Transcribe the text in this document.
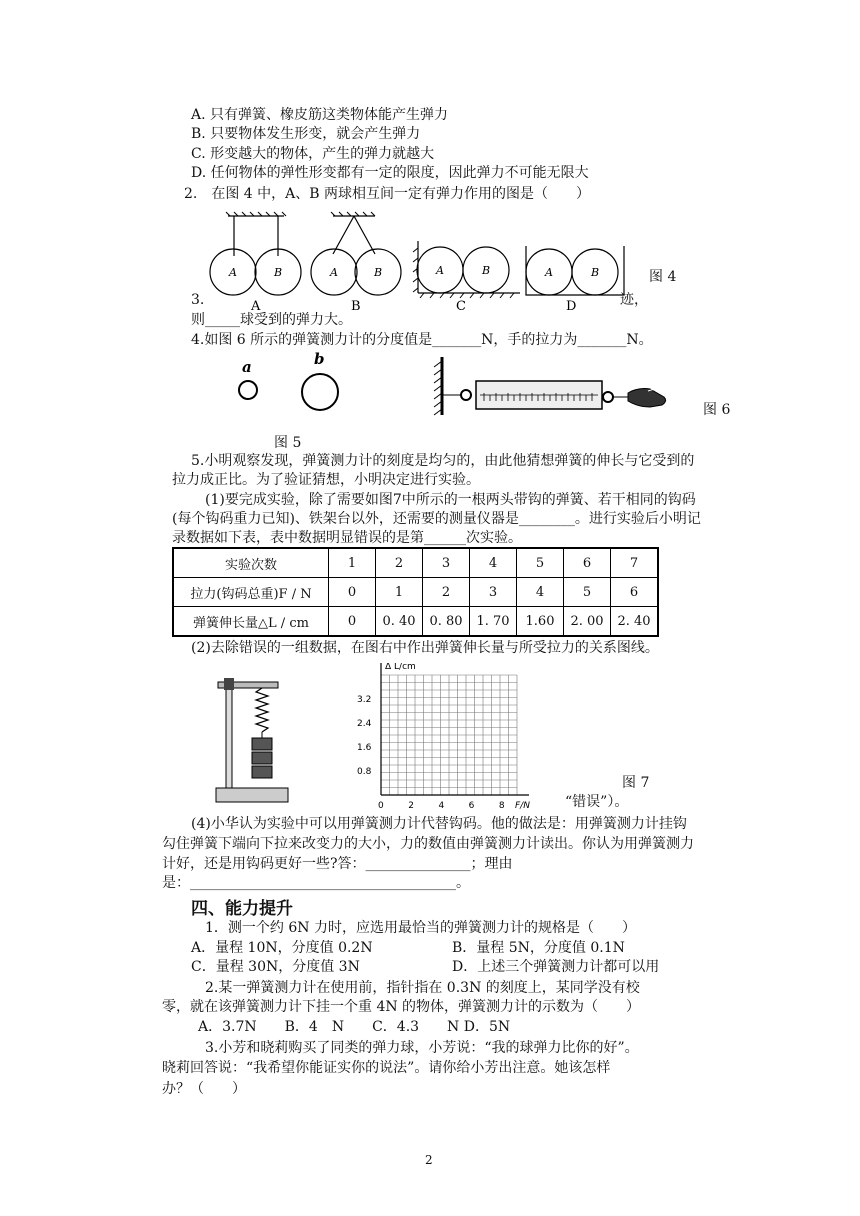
A. 只有弹簧、橡皮筋这类物体能产生弹力
B. 只要物体发生形变，就会产生弹力
C. 形变越大的物体，产生的弹力就越大
D. 任何物体的弹性形变都有一定的限度，因此弹力不可能无限大
2.　在图 4 中，A、B 两球相互间一定有弹力作用的图是（　　）
A	B	A	B	A	B	A	B
A	B	C	D
图 4
3.	迹，
则_____球受到的弹力大。
4.如图 6 所示的弹簧测力计的分度值是_______N，手的拉力为_______N。
a	b
图 5
图 6
5.小明观察发现，弹簧测力计的刻度是均匀的，由此他猜想弹簧的伸长与它受到的
拉力成正比。为了验证猜想，小明决定进行实验。
(1)要完成实验，除了需要如图7中所示的一根两头带钩的弹簧、若干相同的钩码
(每个钩码重力已知)、铁架台以外，还需要的测量仪器是________。进行实验后小明记
录数据如下表，表中数据明显错误的是第______次实验。
实验次数	1	2	3	4	5	6	7
拉力(钩码总重)F / N	0	1	2	3	4	5	6
弹簧伸长量△L / cm	0	0. 40	0. 80	1. 70	1.60	2. 00	2. 40
(2)去除错误的一组数据，在图右中作出弹簧伸长量与所受拉力的关系图线。
Δ L/cm
3.2
2.4
1.6
0.8
0	2	4	6	8 F/N
图 7
“错误”）。
(4)小华认为实验中可以用弹簧测力计代替钩码。他的做法是：用弹簧测力计挂钩
勾住弹簧下端向下拉来改变力的大小，力的数值由弹簧测力计读出。你认为用弹簧测力
计好，还是用钩码更好一些?答：_______________；理由
是：______________________________________。
四、能力提升
1．测一个约 6N 力时，应选用最恰当的弹簧测力计的规格是（　　）
A．量程 10N，分度值 0.2N	B．量程 5N，分度值 0.1N
C．量程 30N，分度值 3N	D．上述三个弹簧测力计都可以用
2.某一弹簧测力计在使用前，指针指在 0.3N 的刻度上，某同学没有校
零，就在该弹簧测力计下挂一个重 4N 的物体，弹簧测力计的示数为（　　）
A．3.7N　　B．4　N　　C．4.3　　N D．5N
3.小芳和晓莉购买了同类的弹力球，小芳说：“我的球弹力比你的好”。
晓莉回答说：“我希望你能证实你的说法”。请你给小芳出注意。她该怎样
办？（　　）
2
